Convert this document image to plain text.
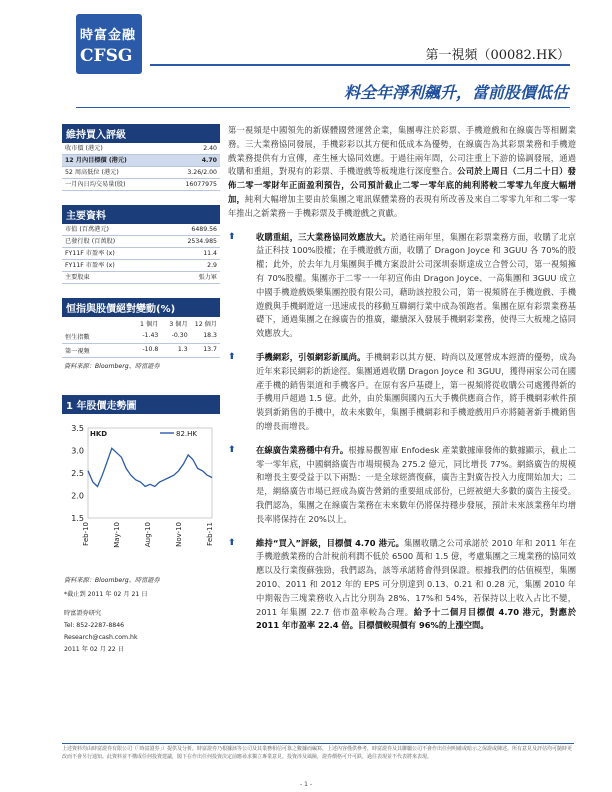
時富金融
CFSG	第一視頻（00082.HK）
料全年淨利飆升，當前股價低估
維持買入評級
收市價 (港元)	2.40
12 月內目標價 (港元)	4.70
52 周高低位 (港元)	3.26/2.00
一月內日均交易量(股)	16077975
主要資料
市值 (百萬港元)	6489.56
已發行股 (百萬股)	2534.985
FY11F 市盈率 (x)	11.4
FY11F 市盈率 (x)	2.9
主要股東	張力軍
恒指與股價絕對變動(%)
1 個月	3 個月	12 個月
恒生指數	-1.43	-0.30	18.3
第一視頻	-10.8	1.3	13.7
資料來源：Bloomberg、時富證券
1 年股價走勢圖
1.5
2.0
2.5
3.0
3.5
Feb-10	May-10	Aug-10	Nov-10	Feb-11
HKD	82.HK
資料來源：Bloomberg、時富證券
*截止到 2011 年 02 月 21 日
時富證券研究
Tel: 852-2287-8846
Research@cash.com.hk
2011 年 02 月 22 日

第一視頻是中國領先的新媒體國營運營企業，集團專注於彩票、手機遊戲和在線廣告等相關業務。三大業務協同發展，手機彩彩以其方便和低成本為優勢，在線廣告為其彩票業務和手機遊戲業務提供有力宣傳，產生極大協同效應。于過往兩年間，公司注重上下游的協調發展，通過收購和重組，對現有的彩票、手機遊戲等板塊進行深度整合。公司於上周日（二月二十日）發佈二零一零財年正面盈利預告，公司預計截止二零一零年底的純利將較二零零九年度大幅增加，純利大幅增加主要由於集團之電訊媒體業務的表現有所改善及來自二零零九年和二零一零年推出之新業務－手機彩票及手機遊戲之貢獻。

⬆ 收購重組，三大業務協同效應放大。於過往兩年里，集團在彩票業務方面，收購了北京益正科技 100%股權；在手機遊戲方面，收購了 Dragon Joyce 和 3GUU 各 70%的股權；此外，於去年九月集團與手機方案設計公司深圳泰斯達成立合營公司，第一視頻擁有 70%股權。集團亦于二零一一年初宣佈由 Dragon Joyce、一高集團和 3GUU 成立中國手機遊戲娛樂集團控股有限公司，藉助該控股公司，第一視頻將在手機遊戲、手機遊戲與手機網遊這一迅速成長的移動互聯網行業中成為領跑者。集團在原有彩票業務基礎下，通過集團之在線廣告的推廣，繼續深入發展手機網彩業務，使得三大板塊之協同效應放大。
⬆ 手機網彩，引領網彩新風尚。手機網彩以其方便、時尚以及運營成本經濟的優勢，成為近年來彩民網彩的新途徑。集團通過收購 Dragon Joyce 和 3GUU，獲得兩家公司在國產手機的銷售渠道和手機客戶。在原有客戶基礎上，第一視頻將從收購公司處獲得新的手機用戶超過 1.5 億。此外，由於集團與國內五大手機供應商合作，將手機網彩軟件預裝到新銷售的手機中，故未來數年，集團手機網彩和手機遊戲用戶亦將隨著新手機銷售的增長而增長。
⬆ 在線廣告業務穩中有升。根據易觀智庫 Enfodesk 產業數據庫發佈的數據顯示，截止二零一零年底，中國網絡廣告市場規模為 275.2 億元，同比增長 77%。網絡廣告的規模和增長主要受益于以下兩點：一是全球經濟復蘇，廣告主對廣告投入力度開始加大；二是，網絡廣告市場已經成為廣告營銷的重要組成部份，已經被絕大多數的廣告主接受。我們認為，集團之在線廣告業務在未來數年仍將保持穩步發展，預計未來該業務年均增長率將保持在 20%以上。
⬆ 維持“買入”評級，目標價 4.70 港元。集團收購之公司承諾於 2010 年和 2011 年在手機遊戲業務的合計稅前利潤不低於 6500 萬和 1.5 億，考慮集團之三塊業務的協同效應以及行業復蘇強勁，我們認為，該等承諾將會得到保證。根據我們的估值模型，集團 2010、2011 和 2012 年的 EPS 可分別達到 0.13、0.21 和 0.28 元，集團 2010 年中期報告三塊業務收入占比分別為 28%、17%和 54%，若保持以上收入占比不變，2011 年集團 22.7 倍市盈率較為合理。給予十二個月目標價 4.70 港元，對應於 2011 年市盈率 22.4 倍。目標價較現價有 96%的上漲空間。
上述資料均由時富證券有限公司（「時富證券」）提供及分析。時富證券乃根據該等公司及其業務相信可靠之數據而編寫，上述內容僅供參考，時富證券及其聯屬公司不會作出任何明確或暗示之保證或陳述。所有意見及評估均可隨時更改而不會另行通知。此資料並不構成任何投資建議，閣下在作出任何投資決定前應尋求獨立專業意見。投資涉及風險，證券價格可升可跌，過往表現並不代表將來表現。
- 1 -
